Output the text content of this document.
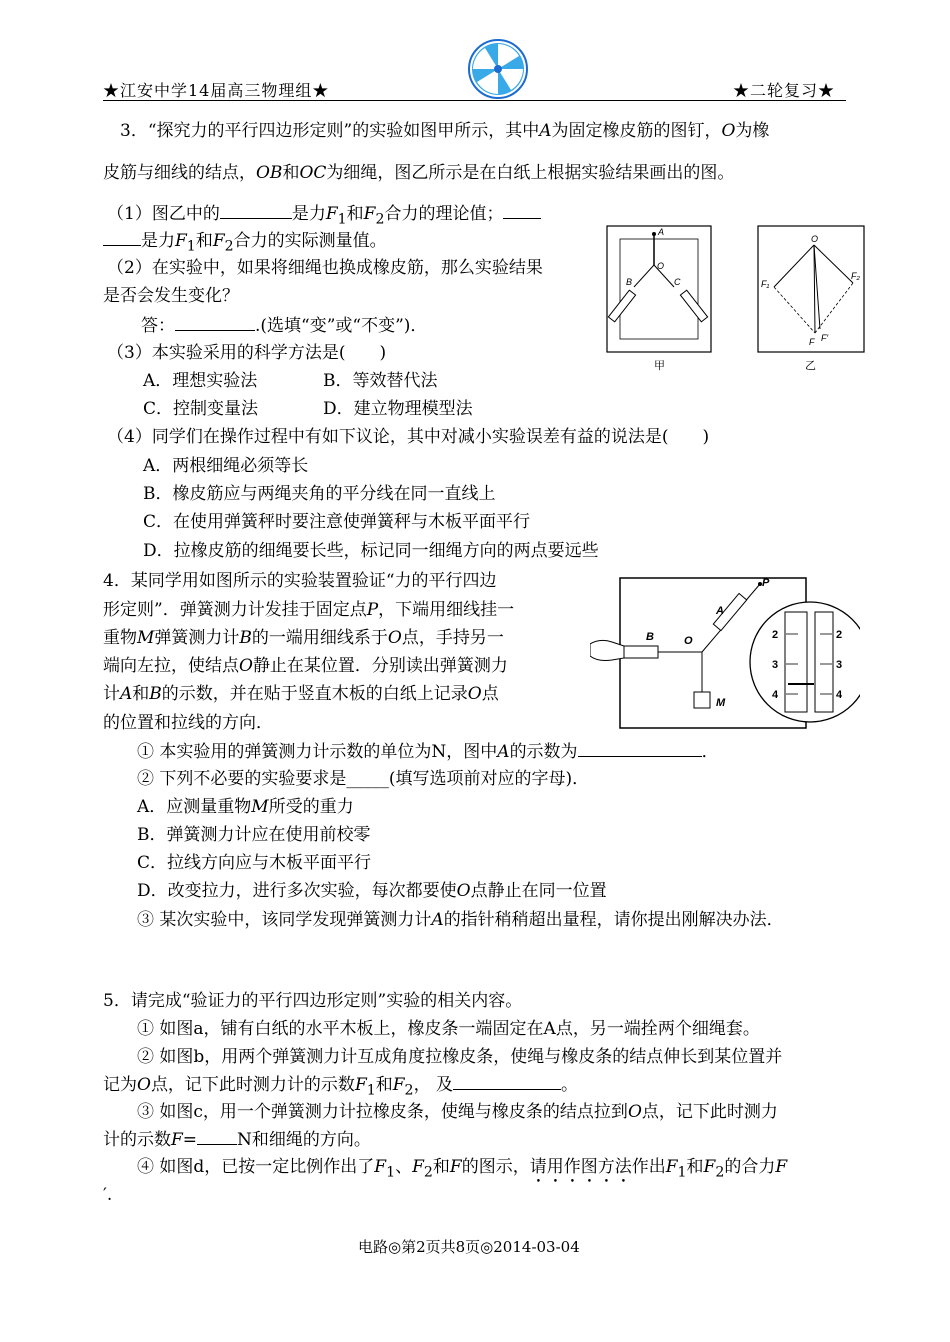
★江安中学14届高三物理组★	★二轮复习★
3．“探究力的平行四边形定则”的实验如图甲所示，其中A为固定橡皮筋的图钉，O为橡
皮筋与细线的结点，OB和OC为细绳，图乙所示是在白纸上根据实验结果画出的图。
（1）图乙中的	是力$F_1$和$F_2$合力的理论值；
是力$F_1$和$F_2$合力的实际测量值。
（2）在实验中，如果将细绳也换成橡皮筋，那么实验结果
是否会发生变化？
答：	.(选填“变”或“不变”)．
（3）本实验采用的科学方法是(　　)
A．理想实验法	B．等效替代法
C．控制变量法	D．建立物理模型法
（4）同学们在操作过程中有如下议论，其中对减小实验误差有益的说法是(　　)
A．两根细绳必须等长
B．橡皮筋应与两绳夹角的平分线在同一直线上
C．在使用弹簧秤时要注意使弹簧秤与木板平面平行
D．拉橡皮筋的细绳要长些，标记同一细绳方向的两点要远些
A
O
B	C
甲
O
F₁
F₂
F F′
乙
4．某同学用如图所示的实验装置验证“力的平行四边
形定则”．弹簧测力计发挂于固定点P，下端用细线挂一
重物M弹簧测力计B的一端用细线系于O点，手持另一
端向左拉，使结点O静止在某位置．分别读出弹簧测力
计A和B的示数，并在贴于竖直木板的白纸上记录O点
的位置和拉线的方向．
P
A
B	O
M
2
3
4
2
3
4
① 本实验用的弹簧测力计示数的单位为N，图中A的示数为	．
② 下列不必要的实验要求是_____(填写选项前对应的字母)．
A．应测量重物M所受的重力
B．弹簧测力计应在使用前校零
C．拉线方向应与木板平面平行
D．改变拉力，进行多次实验，每次都要使O点静止在同一位置
③ 某次实验中，该同学发现弹簧测力计A的指针稍稍超出量程，请你提出刚解决办法．
5．请完成“验证力的平行四边形定则”实验的相关内容。
① 如图a，铺有白纸的水平木板上，橡皮条一端固定在A点，另一端拴两个细绳套。
② 如图b，用两个弹簧测力计互成角度拉橡皮条，使绳与橡皮条的结点伸长到某位置并
记为O点，记下此时测力计的示数$F_1$和$F_2$， 及	。
③ 如图c，用一个弹簧测力计拉橡皮条，使绳与橡皮条的结点拉到O点，记下此时测力
计的示数F= N和细绳的方向。
④ 如图d，已按一定比例作出了$F_1$、$F_2$和F的图示，请用作图方法作出$F_1$和$F_2$的合力F
′.
电路◎第2页共8页◎2014-03-04
